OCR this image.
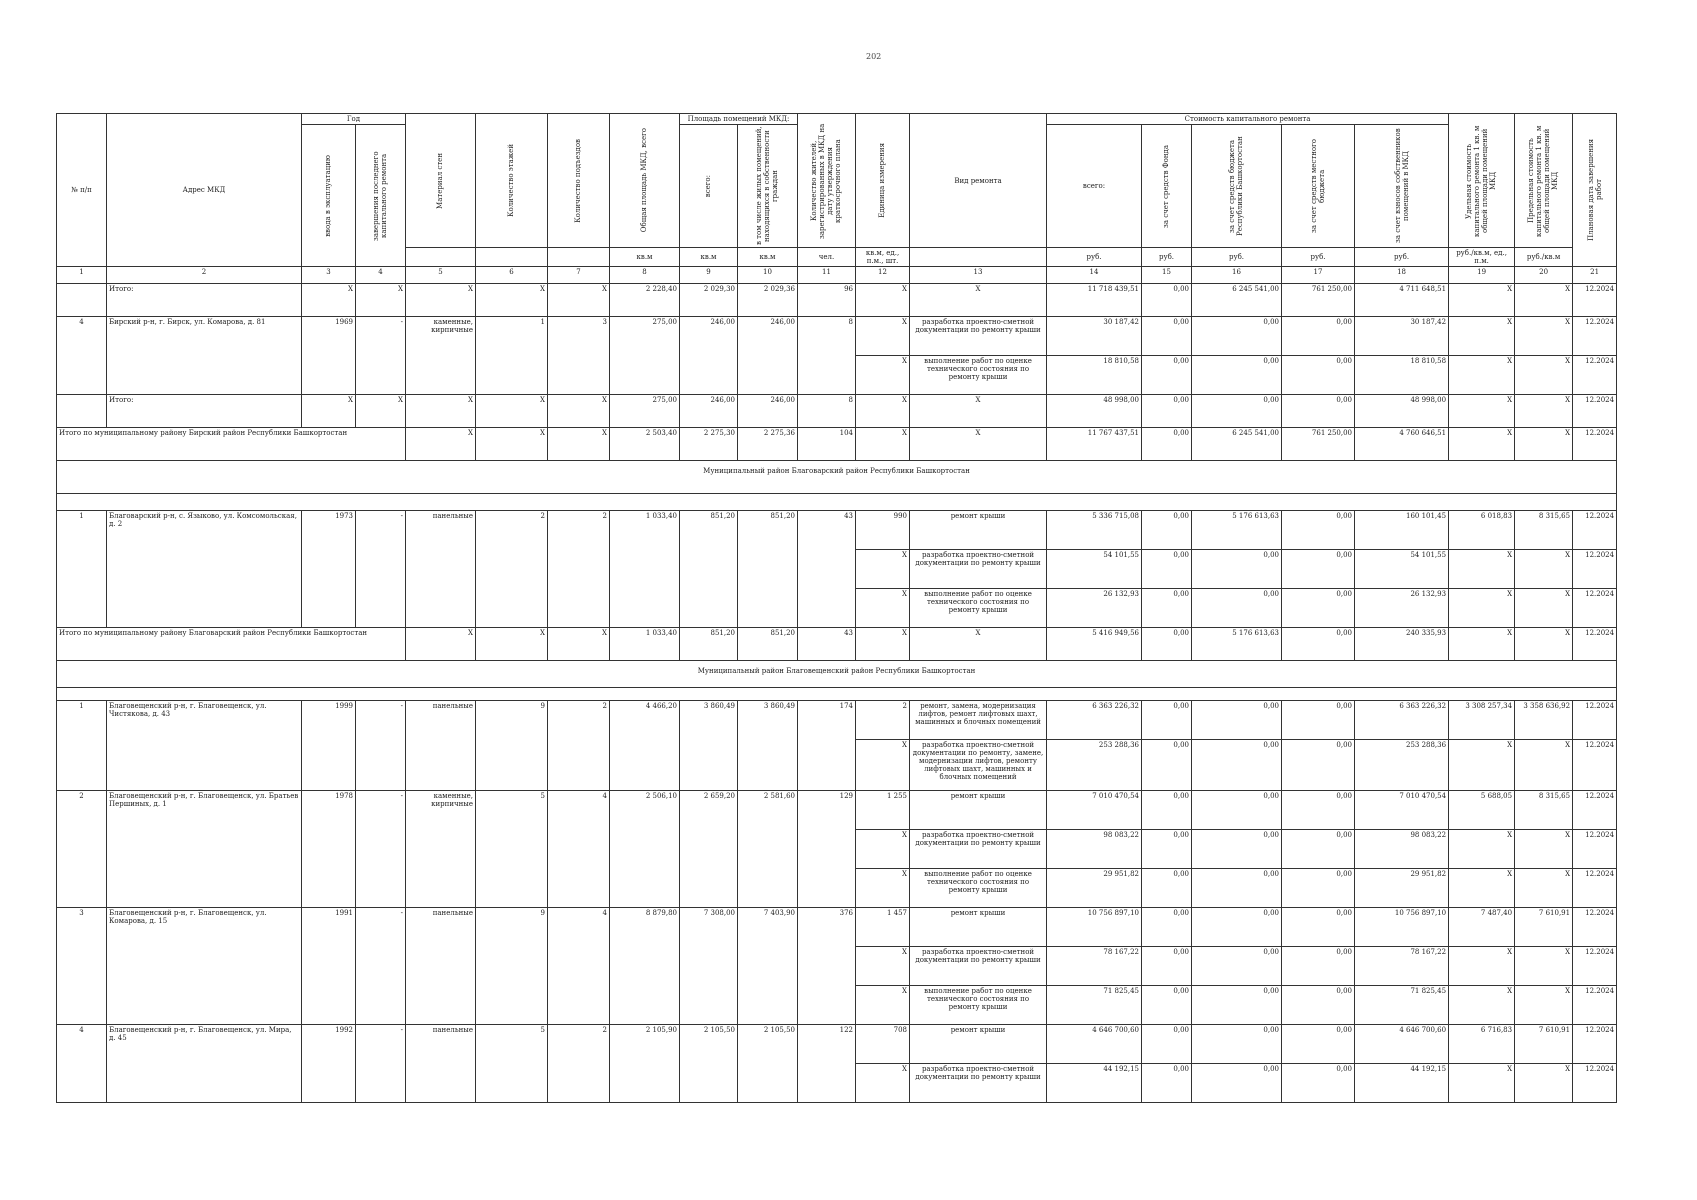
202
№ п/п	Адрес МКД	Год		Материал стен	Количество этажей	Количество подъездов	Общая площадь МКД, всего	Площадь помещений МКД:		Количество жителей, зарегистрированных в МКД на дату утверждения краткосрочного плана	Единица измерения	Вид ремонта	Стоимость капитального ремонта					Удельная стоимость капитального ремонта 1 кв. м общей площади помещений МКД	Предельная стоимость капитального ремонта 1 кв. м общей площади помещений МКД	Плановая дата завершения работ

		ввода в эксплуатацию	завершения последнего капитального ремонта					всего:	в том числе жилых помещений, находящихся в собственности граждан				всего:	за счет средств Фонда	за счет средств бюджета Республики Башкортостан	за счет средств местного бюджета	за счет взносов собственников помещений в МКД			

							кв.м	кв.м	кв.м	чел.	кв.м, ед., п.м., шт.		руб.	руб.	руб.	руб.	руб.	руб./кв.м, ед., п.м.	руб./кв.м	
1	2	3	4	5	6	7	8	9	10	11	12	13	14	15	16	17	18	19	20	21
	Итого:	X	X	X	X	X	2 228,40	2 029,30	2 029,36	96	X	X	11 718 439,51	0,00	6 245 541,00	761 250,00	4 711 648,51	X	X	12.2024
4	Бирский р-н, г. Бирск, ул. Комарова, д. 81	1969	-	каменные, кирпичные	1	3	275,00	246,00	246,00	8	X	разработка проектно-сметной документации по ремонту крыши	30 187,42	0,00	0,00	0,00	30 187,42	X	X	12.2024
											X	выполнение работ по оценке технического состояния по ремонту крыши	18 810,58	0,00	0,00	0,00	18 810,58	X	X	12.2024
	Итого:	X	X	X	X	X	275,00	246,00	246,00	8	X	X	48 998,00	0,00	0,00	0,00	48 998,00	X	X	12.2024
Итого по муниципальному району Бирский район Республики Башкортостан				X	X	X	2 503,40	2 275,30	2 275,36	104	X	X	11 767 437,51	0,00	6 245 541,00	761 250,00	4 760 646,51	X	X	12.2024
Муниципальный район Благоварский район Республики Башкортостан																				

1	Благоварский р-н, с. Языково, ул. Комсомольская, д. 2	1973	-	панельные	2	2	1 033,40	851,20	851,20	43	990	ремонт крыши	5 336 715,08	0,00	5 176 613,63	0,00	160 101,45	6 018,83	8 315,65	12.2024
											X	разработка проектно-сметной документации по ремонту крыши	54 101,55	0,00	0,00	0,00	54 101,55	X	X	12.2024
											X	выполнение работ по оценке технического состояния по ремонту крыши	26 132,93	0,00	0,00	0,00	26 132,93	X	X	12.2024
Итого по муниципальному району Благоварский район Республики Башкортостан				X	X	X	1 033,40	851,20	851,20	43	X	X	5 416 949,56	0,00	5 176 613,63	0,00	240 335,93	X	X	12.2024
Муниципальный район Благовещенский район Республики Башкортостан																				

1	Благовещенский р-н, г. Благовещенск, ул. Чистякова, д. 43	1999	-	панельные	9	2	4 466,20	3 860,49	3 860,49	174	2	ремонт, замена, модернизация лифтов, ремонт лифтовых шахт, машинных и блочных помещений	6 363 226,32	0,00	0,00	0,00	6 363 226,32	3 308 257,34	3 358 636,92	12.2024
											X	разработка проектно-сметной документации по ремонту, замене, модернизации лифтов, ремонту лифтовых шахт, машинных и блочных помещений	253 288,36	0,00	0,00	0,00	253 288,36	X	X	12.2024
2	Благовещенский р-н, г. Благовещенск, ул. Братьев Першиных, д. 1	1978	-	каменные, кирпичные	5	4	2 506,10	2 659,20	2 581,60	129	1 255	ремонт крыши	7 010 470,54	0,00	0,00	0,00	7 010 470,54	5 688,05	8 315,65	12.2024
											X	разработка проектно-сметной документации по ремонту крыши	98 083,22	0,00	0,00	0,00	98 083,22	X	X	12.2024
											X	выполнение работ по оценке технического состояния по ремонту крыши	29 951,82	0,00	0,00	0,00	29 951,82	X	X	12.2024
3	Благовещенский р-н, г. Благовещенск, ул. Комарова, д. 15	1991	-	панельные	9	4	8 879,80	7 308,00	7 403,90	376	1 457	ремонт крыши	10 756 897,10	0,00	0,00	0,00	10 756 897,10	7 487,40	7 610,91	12.2024
											X	разработка проектно-сметной документации по ремонту крыши	78 167,22	0,00	0,00	0,00	78 167,22	X	X	12.2024
											X	выполнение работ по оценке технического состояния по ремонту крыши	71 825,45	0,00	0,00	0,00	71 825,45	X	X	12.2024
4	Благовещенский р-н, г. Благовещенск, ул. Мира, д. 45	1992	-	панельные	5	2	2 105,90	2 105,50	2 105,50	122	708	ремонт крыши	4 646 700,60	0,00	0,00	0,00	4 646 700,60	6 716,83	7 610,91	12.2024
											X	разработка проектно-сметной документации по ремонту крыши	44 192,15	0,00	0,00	0,00	44 192,15	X	X	12.2024
